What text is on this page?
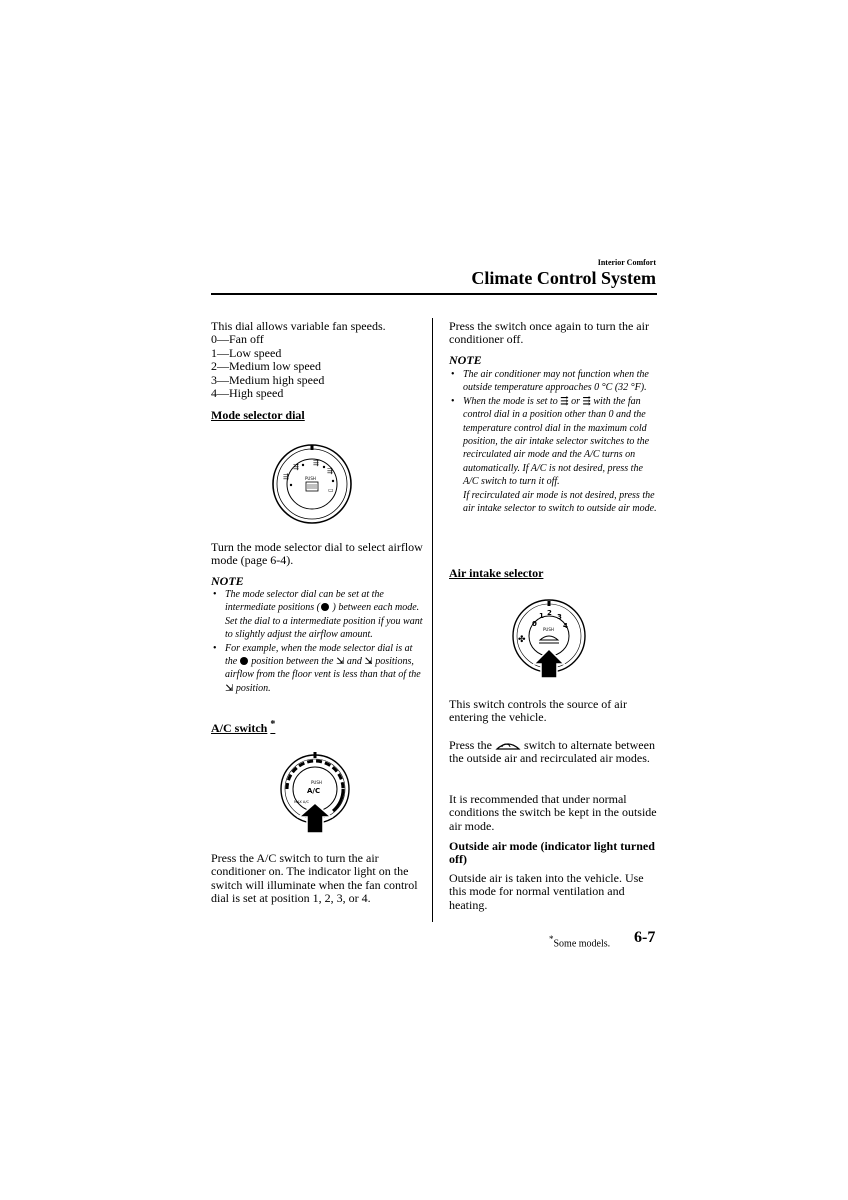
Interior Comfort
Climate Control System

This dial allows variable fan speeds.

0—Fan off

1—Low speed

2—Medium low speed

3—Medium high speed

4—High speed

Mode selector dial
⇶
⇶ ⇶
⇶
▭
PUSH

Turn the mode selector dial to select airflow mode (page 6-4).

NOTE
• The mode selector dial can be set at the intermediate positions ( ) between each mode. Set the dial to a intermediate position if you want to slightly adjust the airflow amount.
• For example, when the mode selector dial is at the position between the ⇲ and ⇲ positions, airflow from the floor vent is less than that of the ⇲ position.
A/C switch *
PUSH
A/C
MAX A/C

Press the A/C switch to turn the air conditioner on. The indicator light on the switch will illuminate when the fan control dial is set at position 1, 2, 3, or 4.

Press the switch once again to turn the air conditioner off.

NOTE
• The air conditioner may not function when the outside temperature approaches 0 °C (32 °F).
• When the mode is set to ⇶ or ⇶ with the fan control dial in a position other than 0 and the temperature control dial in the maximum cold position, the air intake selector switches to the recirculated air mode and the A/C turns on automatically. If A/C is not desired, press the A/C switch to turn it off.
If recirculated air mode is not desired, press the air intake selector to switch to outside air mode.
Air intake selector
0
1 2 3
4
✤
PUSH

This switch controls the source of air entering the vehicle.

Press the	switch to alternate between the outside air and recirculated air modes.

It is recommended that under normal conditions the switch be kept in the outside air mode.

Outside air mode (indicator light turned off)

Outside air is taken into the vehicle. Use this mode for normal ventilation and heating.

*Some models. 6-7
